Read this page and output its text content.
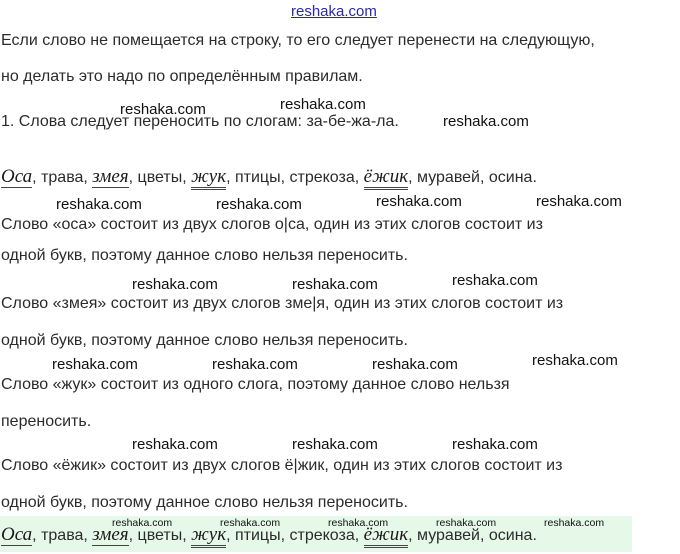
reshaka.com
Если слово не помещается на строку, то его следует перенести на следующую,
но делать это надо по определённым правилам.
reshaka.com	reshaka.com
1. Слова следует переносить по слогам: за-бе-жа-ла.	reshaka.com
Оса, трава, змея, цветы, жук, птицы, стрекоза, ёжик, муравей, осина.
reshaka.com	reshaka.com	reshaka.com	reshaka.com
Слово «оса» состоит из двух слогов о|са, один из этих слогов состоит из
одной букв, поэтому данное слово нельзя переносить.
reshaka.com	reshaka.com	reshaka.com
Слово «змея» состоит из двух слогов зме|я, один из этих слогов состоит из
одной букв, поэтому данное слово нельзя переносить.
reshaka.com	reshaka.com	reshaka.com	reshaka.com
Слово «жук» состоит из одного слога, поэтому данное слово нельзя
переносить.
reshaka.com	reshaka.com	reshaka.com
Слово «ёжик» состоит из двух слогов ё|жик, один из этих слогов состоит из
одной букв, поэтому данное слово нельзя переносить.
Оса, трава, змея, цветы, жук, птицы, стрекоза, ёжик, муравей, осина.
reshaka.com	reshaka.com	reshaka.com	reshaka.com	reshaka.com
